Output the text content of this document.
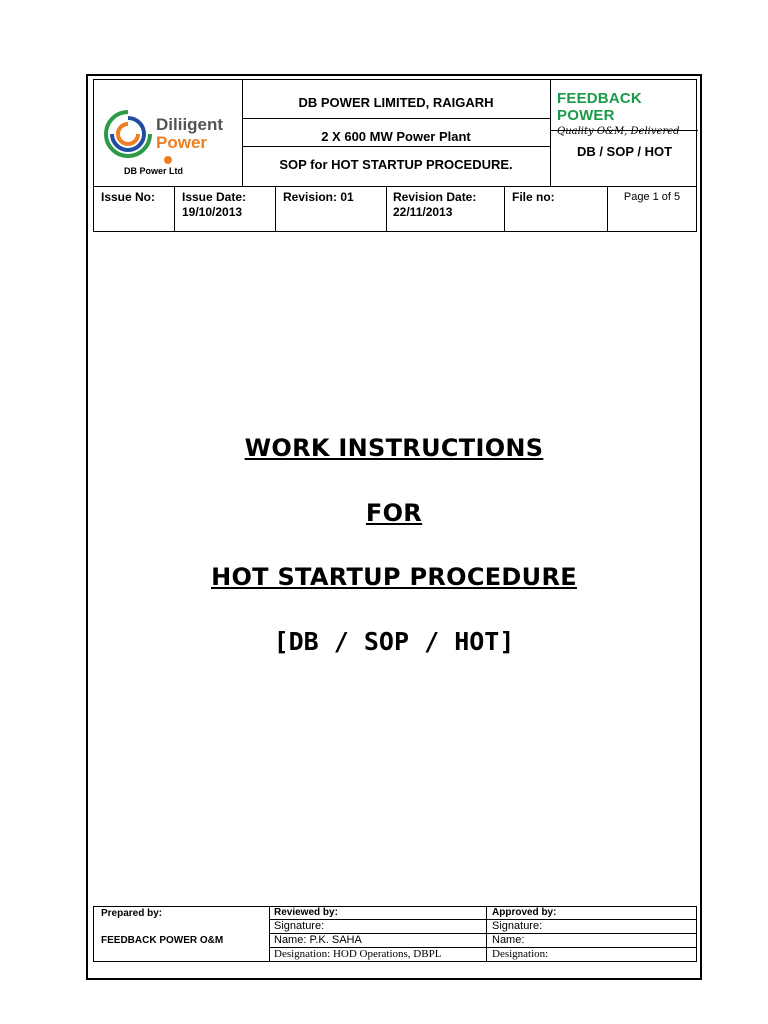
Diliigent
Power
DB Power Ltd
DB POWER LIMITED, RAIGARH
2 X 600 MW Power Plant
SOP for HOT STARTUP PROCEDURE.
FEEDBACK POWER
Quality O&M, Delivered
DB / SOP / HOT
Issue No: Issue Date:
19/10/2013
Revision: 01	Revision Date:
22/11/2013
File no:	Page 1 of 5
WORK INSTRUCTIONS
FOR
HOT STARTUP PROCEDURE
[DB / SOP / HOT]
Prepared by:
FEEDBACK POWER O&M
Reviewed by:
Signature:
Name: P.K. SAHA
Designation: HOD Operations, DBPL
Approved by:
Signature:
Name:
Designation:
